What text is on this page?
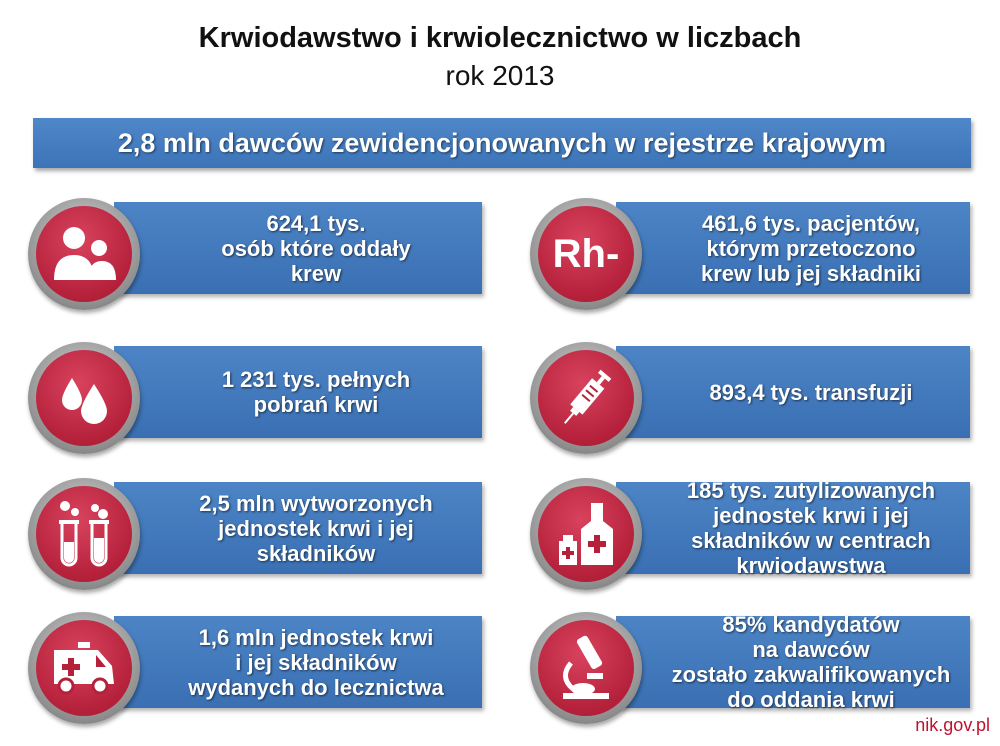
Krwiodawstwo i krwiolecznictwo w liczbach
rok 2013
2,8 mln dawców zewidencjonowanych w rejestrze krajowym
624,1 tys.
osób które oddały
krew
1 231 tys. pełnych
pobrań krwi
2,5 mln wytworzonych
jednostek krwi i jej
składników
1,6 mln jednostek krwi
i jej składników
wydanych do lecznictwa
461,6 tys. pacjentów,
którym przetoczono
krew lub jej składniki
Rh-
893,4 tys. transfuzji
185 tys. zutylizowanych
jednostek krwi i jej
składników w centrach
krwiodawstwa
85% kandydatów
na dawców
zostało zakwalifikowanych
do oddania krwi
nik.gov.pl
